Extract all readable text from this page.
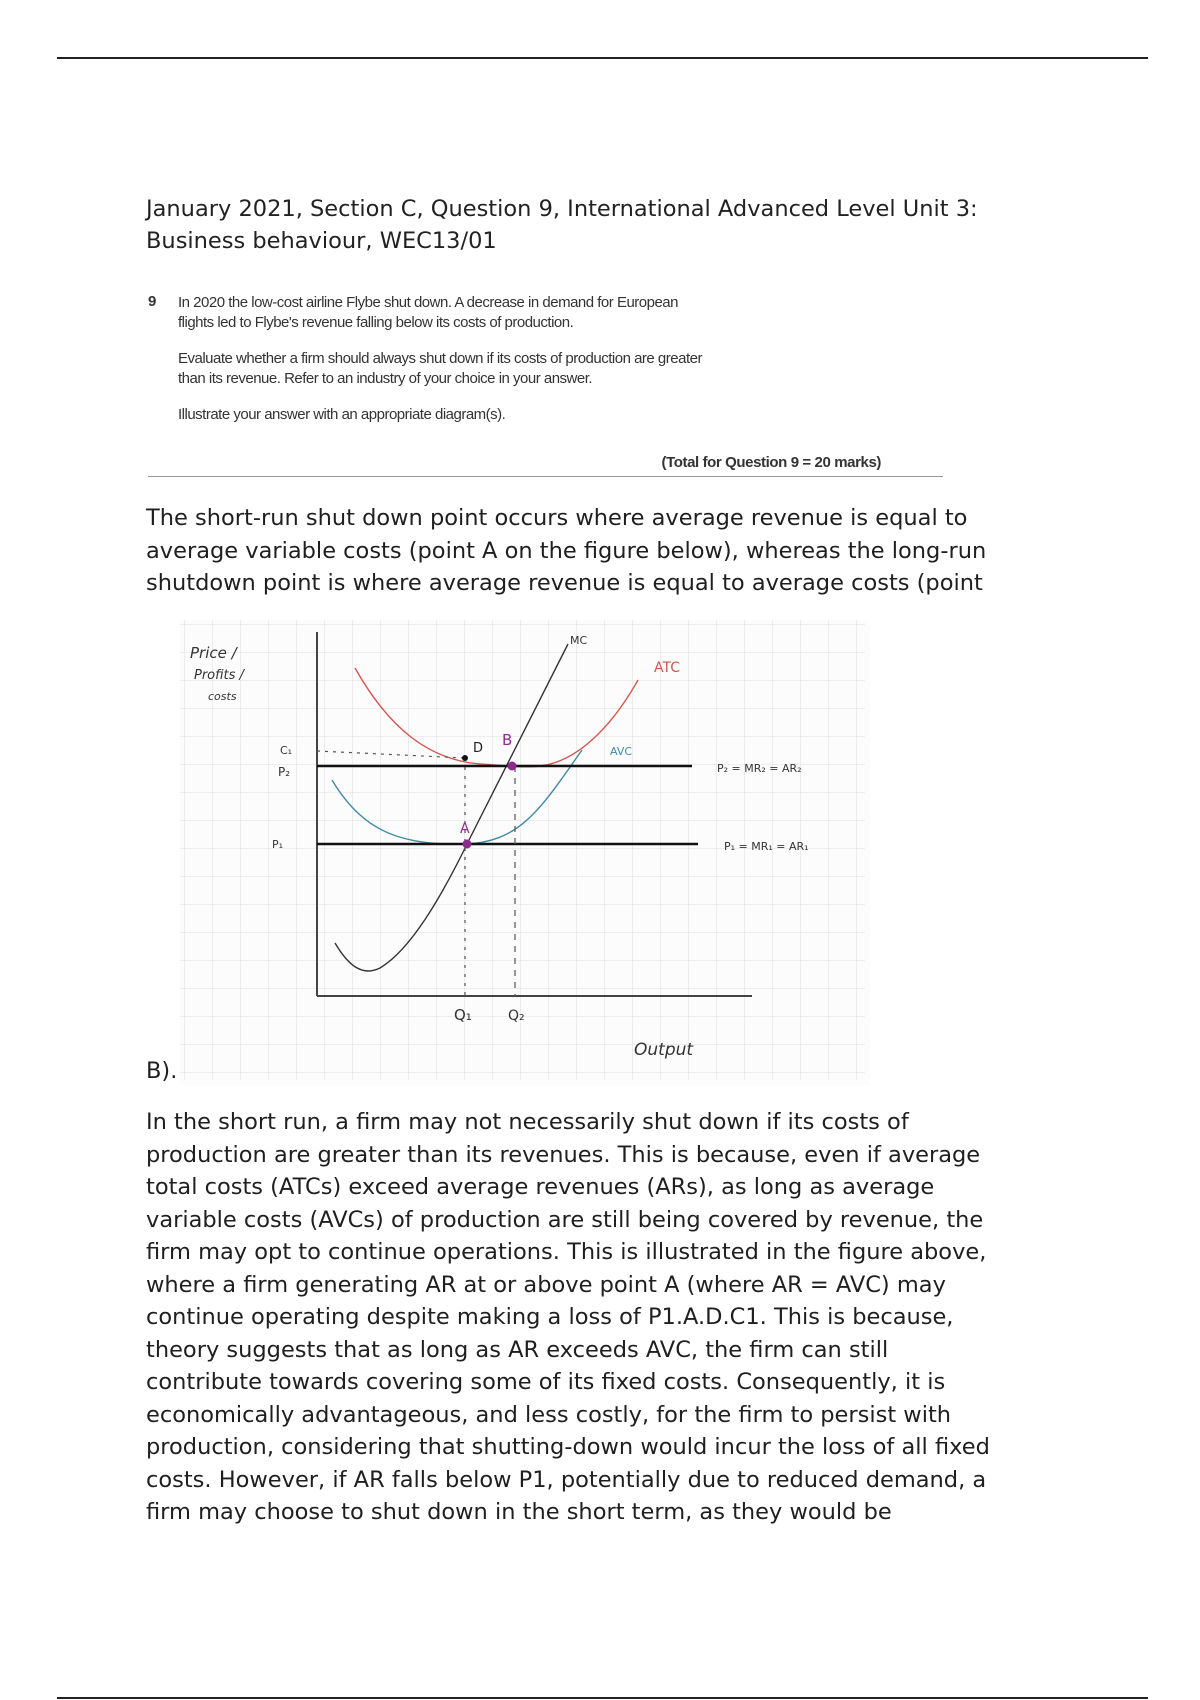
January 2021, Section C, Question 9, International Advanced Level Unit 3:
Business behaviour, WEC13/01
9 In 2020 the low-cost airline Flybe shut down. A decrease in demand for European
flights led to Flybe's revenue falling below its costs of production.

Evaluate whether a firm should always shut down if its costs of production are greater
than its revenue. Refer to an industry of your choice in your answer.

Illustrate your answer with an appropriate diagram(s).

(Total for Question 9 = 20 marks)
The short-run shut down point occurs where average revenue is equal to
average variable costs (point A on the figure below), whereas the long-run
shutdown point is where average revenue is equal to average costs (point
Price /
Profits /
costs
C₁
P₂
P₁
D B
A
MC
ATC
AVC
P₂ = MR₂ = AR₂
P₁ = MR₁ = AR₁
Q₁	Q₂
Output
B).
In the short run, a firm may not necessarily shut down if its costs of
production are greater than its revenues. This is because, even if average
total costs (ATCs) exceed average revenues (ARs), as long as average
variable costs (AVCs) of production are still being covered by revenue, the
firm may opt to continue operations. This is illustrated in the figure above,
where a firm generating AR at or above point A (where AR = AVC) may
continue operating despite making a loss of P1.A.D.C1. This is because,
theory suggests that as long as AR exceeds AVC, the firm can still
contribute towards covering some of its fixed costs. Consequently, it is
economically advantageous, and less costly, for the firm to persist with
production, considering that shutting-down would incur the loss of all fixed
costs. However, if AR falls below P1, potentially due to reduced demand, a
firm may choose to shut down in the short term, as they would be
